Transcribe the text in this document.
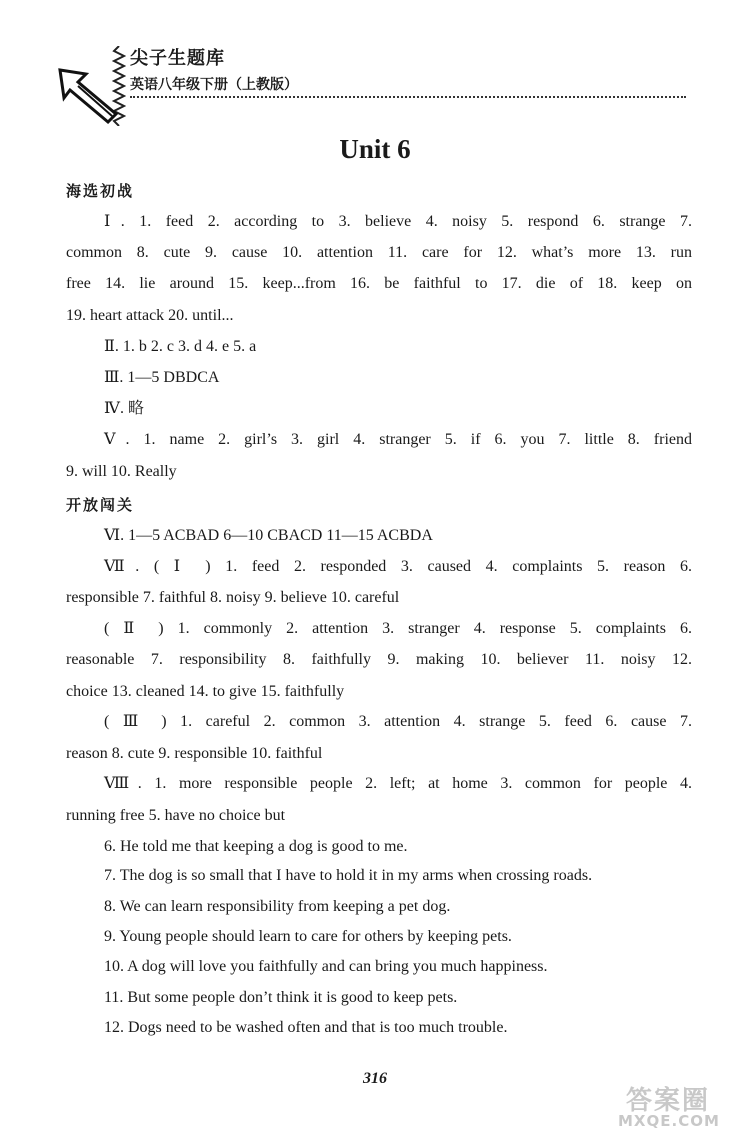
尖子生题库
英语八年级下册（上教版）
Unit 6
海选初战
Ⅰ. 1. feed 2. according to 3. believe 4. noisy 5. respond 6. strange 7.
common 8. cute 9. cause 10. attention 11. care for 12. what’s more 13. run
free 14. lie around 15. keep...from 16. be faithful to 17. die of 18. keep on
19. heart attack 20. until...
Ⅱ. 1. b 2. c 3. d 4. e 5. a
Ⅲ. 1—5 DBDCA
Ⅳ. 略
Ⅴ. 1. name 2. girl’s 3. girl 4. stranger 5. if 6. you 7. little 8. friend
9. will 10. Really
开放闯关
Ⅵ. 1—5 ACBAD 6—10 CBACD 11—15 ACBDA
Ⅶ. ( Ⅰ ) 1. feed 2. responded 3. caused 4. complaints 5. reason 6.
responsible 7. faithful 8. noisy 9. believe 10. careful
( Ⅱ ) 1. commonly 2. attention 3. stranger 4. response 5. complaints 6.
reasonable 7. responsibility 8. faithfully 9. making 10. believer 11. noisy 12.
choice 13. cleaned 14. to give 15. faithfully
( Ⅲ ) 1. careful 2. common 3. attention 4. strange 5. feed 6. cause 7.
reason 8. cute 9. responsible 10. faithful
Ⅷ. 1. more responsible people 2. left; at home 3. common for people 4.
running free 5. have no choice but
6. He told me that keeping a dog is good to me.
7. The dog is so small that I have to hold it in my arms when crossing roads.
8. We can learn responsibility from keeping a pet dog.
9. Young people should learn to care for others by keeping pets.
10. A dog will love you faithfully and can bring you much happiness.
11. But some people don’t think it is good to keep pets.
12. Dogs need to be washed often and that is too much trouble.
316
答案圈
MXQE.COM
